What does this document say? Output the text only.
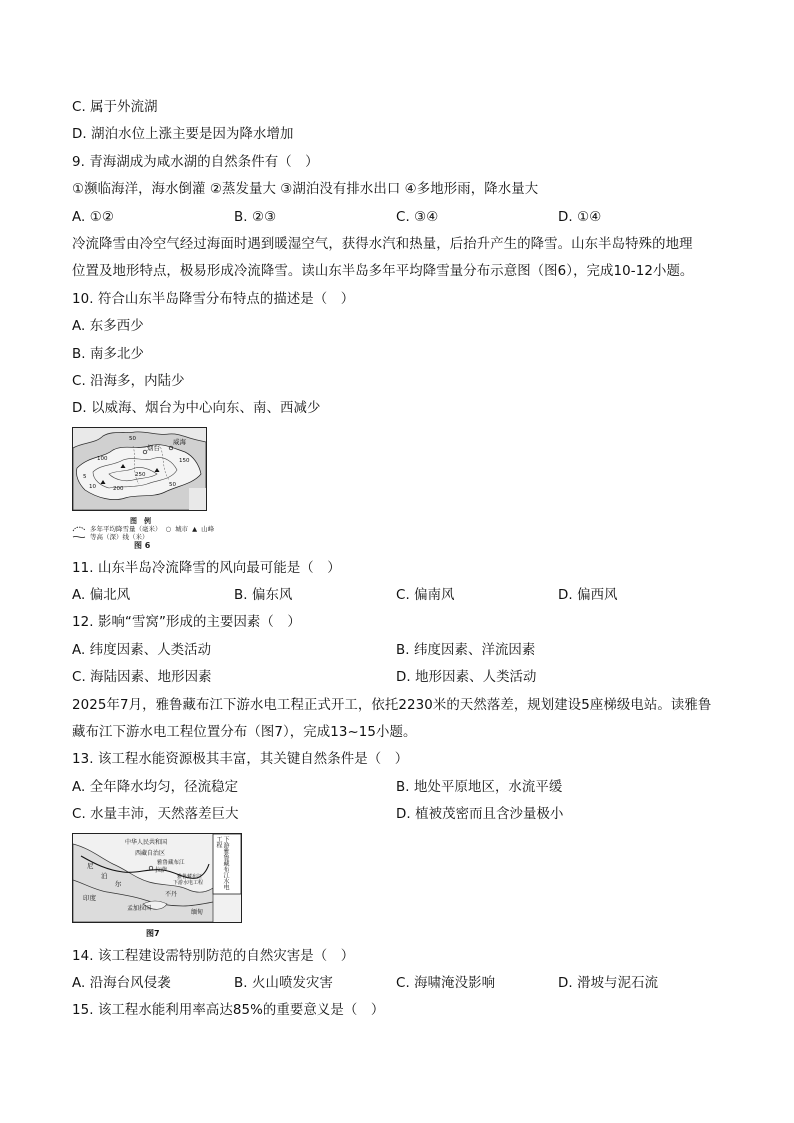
C. 属于外流湖
D. 湖泊水位上涨主要是因为降水增加
9. 青海湖成为咸水湖的自然条件有（　）
①濒临海洋，海水倒灌 ②蒸发量大 ③湖泊没有排水出口 ④多地形雨，降水量大
A. ①②	B. ②③	C. ③④	D. ①④
冷流降雪由冷空气经过海面时遇到暖湿空气，获得水汽和热量，后抬升产生的降雪。山东半岛特殊的地理
位置及地形特点，极易形成冷流降雪。读山东半岛多年平均降雪量分布示意图（图6），完成10-12小题。
10. 符合山东半岛降雪分布特点的描述是（　）
A. 东多西少
B. 南多北少
C. 沿海多，内陆少
D. 以威海、烟台为中心向东、南、西减少
威海
烟台
50
100	150
200
250
5
10	50
图　例
多年平均降雪量（毫米） ○ 城市 ▲ 山峰
等高（深）线（米）
图 6
11. 山东半岛冷流降雪的风向最可能是（　）
A. 偏北风	B. 偏东风	C. 偏南风	D. 偏西风
12. 影响“雪窝”形成的主要因素（　）
A. 纬度因素、人类活动	B. 纬度因素、洋流因素
C. 海陆因素、地形因素	D. 地形因素、人类活动
2025年7月，雅鲁藏布江下游水电工程正式开工，依托2230米的天然落差，规划建设5座梯级电站。读雅鲁
藏布江下游水电工程位置分布（图7），完成13~15小题。
13. 该工程水能资源极其丰富，其关键自然条件是（　）
A. 全年降水均匀，径流稳定	B. 地处平原地区，水流平缓
C. 水量丰沛，天然落差巨大	D. 植被茂密而且含沙量极小
中华人民共和国
西藏自治区
雅鲁藏布江
尼
泊
尔
拉萨
印度	不丹
孟加拉国
缅甸
下游水电工程
雅鲁藏布江	下游雅鲁藏布江水电工程
图7
14. 该工程建设需特别防范的自然灾害是（　）
A. 沿海台风侵袭	B. 火山喷发灾害	C. 海啸淹没影响	D. 滑坡与泥石流
15. 该工程水能利用率高达85%的重要意义是（　）
